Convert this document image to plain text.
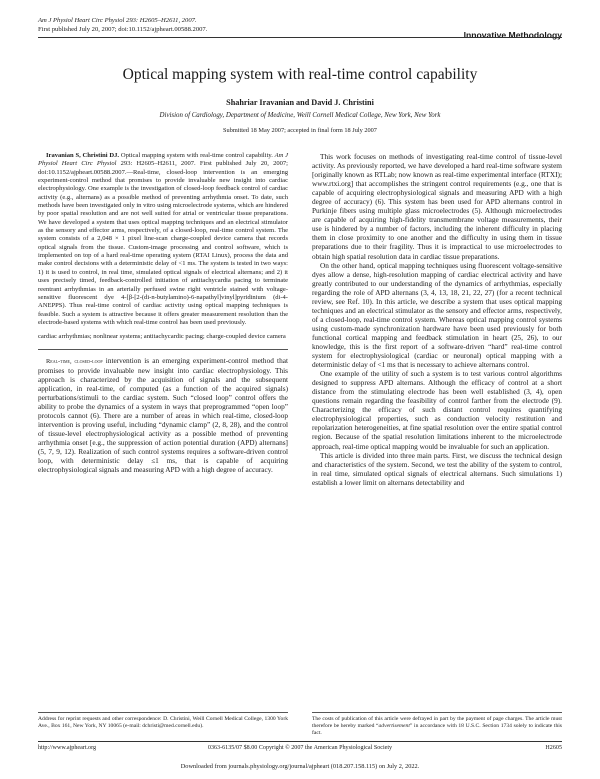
Am J Physiol Heart Circ Physiol 293: H2605–H2611, 2007.
First published July 20, 2007; doi:10.1152/ajpheart.00588.2007.
Innovative Methodology
Optical mapping system with real-time control capability
Shahriar Iravanian and David J. Christini
Division of Cardiology, Department of Medicine, Weill Cornell Medical College, New York, New York
Submitted 18 May 2007; accepted in final form 18 July 2007

Iravanian S, Christini DJ. Optical mapping system with real-time control capability. Am J Physiol Heart Circ Physiol 293: H2605–H2611, 2007. First published July 20, 2007; doi:10.1152/ajpheart.00588.2007.—Real-time, closed-loop intervention is an emerging experiment-control method that promises to provide invaluable new insight into cardiac electrophysiology. One example is the investigation of closed-loop feedback control of cardiac activity (e.g., alternans) as a possible method of preventing arrhythmia onset. To date, such methods have been investigated only in vitro using microelectrode systems, which are hindered by poor spatial resolution and are not well suited for atrial or ventricular tissue preparations. We have developed a system that uses optical mapping techniques and an electrical stimulator as the sensory and effector arms, respectively, of a closed-loop, real-time control system. The system consists of a 2,048 × 1 pixel line-scan charge-coupled device camera that records optical signals from the tissue. Custom-image processing and control software, which is implemented on top of a hard real-time operating system (RTAI Linux), process the data and make control decisions with a deterministic delay of <1 ms. The system is tested in two ways: 1) it is used to control, in real time, simulated optical signals of electrical alternans; and 2) it uses precisely timed, feedback-controlled initiation of antitachycardia pacing to terminate reentrant arrhythmias in an arterially perfused swine right ventricle stained with voltage-sensitive fluorescent dye 4-[β-[2-(di-n-butylamino)-6-napathyl]vinyl]pyridinium (di-4-ANEPPS). Thus real-time control of cardiac activity using optical mapping techniques is feasible. Such a system is attractive because it offers greater measurement resolution than the electrode-based systems with which real-time control has been used previously.

cardiac arrhythmias; nonlinear systems; antitachycardic pacing; charge-coupled device camera

Real-time, closed-loop intervention is an emerging experiment-control method that promises to provide invaluable new insight into cardiac electrophysiology. This approach is characterized by the acquisition of signals and the subsequent application, in real-time, of computed (as a function of the acquired signals) perturbations/stimuli to the cardiac system. Such “closed loop” control offers the ability to probe the dynamics of a system in ways that preprogrammed “open loop” protocols cannot (6). There are a number of areas in which real-time, closed-loop intervention is proving useful, including “dynamic clamp” (2, 8, 28), and the control of tissue-level electrophysiological activity as a possible method of preventing arrhythmia onset [e.g., the suppression of action potential duration (APD) alternans] (5, 7, 9, 12). Realization of such control systems requires a software-driven control loop, with deterministic delay ≤1 ms, that is capable of acquiring electrophysiological signals and measuring APD with a high degree of accuracy.

This work focuses on methods of investigating real-time control of tissue-level activity. As previously reported, we have developed a hard real-time software system [originally known as RTLab; now known as real-time experimental interface (RTXI); www.rtxi.org] that accomplishes the stringent control requirements (e.g., one that is capable of acquiring electrophysiological signals and measuring APD with a high degree of accuracy) (6). This system has been used for APD alternans control in Purkinje fibers using multiple glass microelectrodes (5). Although microelectrodes are capable of acquiring high-fidelity transmembrane voltage measurements, their use is hindered by a number of factors, including the inherent difficulty in placing them in close proximity to one another and the difficulty in using them in tissue preparations due to their fragility. Thus it is impractical to use microelectrodes to obtain high spatial resolution data in cardiac tissue preparations.

On the other hand, optical mapping techniques using fluorescent voltage-sensitive dyes allow a dense, high-resolution mapping of cardiac electrical activity and have greatly contributed to our understanding of the dynamics of arrhythmias, especially regarding the role of APD alternans (3, 4, 13, 18, 21, 22, 27) (for a recent technical review, see Ref. 10). In this article, we describe a system that uses optical mapping techniques and an electrical stimulator as the sensory and effector arms, respectively, of a closed-loop, real-time control system. Whereas optical mapping control systems using custom-made synchronization hardware have been used previously for both functional cortical mapping and feedback stimulation in heart (25, 26), to our knowledge, this is the first report of a software-driven “hard” real-time control system for electrophysiological (cardiac or neuronal) optical mapping with a deterministic delay of <1 ms that is necessary to achieve alternans control.

One example of the utility of such a system is to test various control algorithms designed to suppress APD alternans. Although the efficacy of control at a short distance from the stimulating electrode has been well established (3, 4), open questions remain regarding the feasibility of control farther from the electrode (9). Characterizing the efficacy of such distant control requires quantifying electrophysiological properties, such as conduction velocity restitution and repolarization heterogeneities, at fine spatial resolution over the entire spatial control region. Because of the spatial resolution limitations inherent to the microelectrode approach, real-time optical mapping would be invaluable for such an application.

This article is divided into three main parts. First, we discuss the technical design and characteristics of the system. Second, we test the ability of the system to control, in real time, simulated optical signals of electrical alternans. Such simulations 1) establish a lower limit on alternans detectability and

Address for reprint requests and other correspondence: D. Christini, Weill Cornell Medical College, 1300 York Ave., Box 161, New York, NY 10065 (e-mail: dchristi@med.cornell.edu).
The costs of publication of this article were defrayed in part by the payment of page charges. The article must therefore be hereby marked “advertisement” in accordance with 18 U.S.C. Section 1734 solely to indicate this fact.
http://www.ajpheart.org	0363-6135/07 $8.00 Copyright © 2007 the American Physiological Society	H2605
Downloaded from journals.physiology.org/journal/ajpheart (018.207.158.115) on July 2, 2022.
